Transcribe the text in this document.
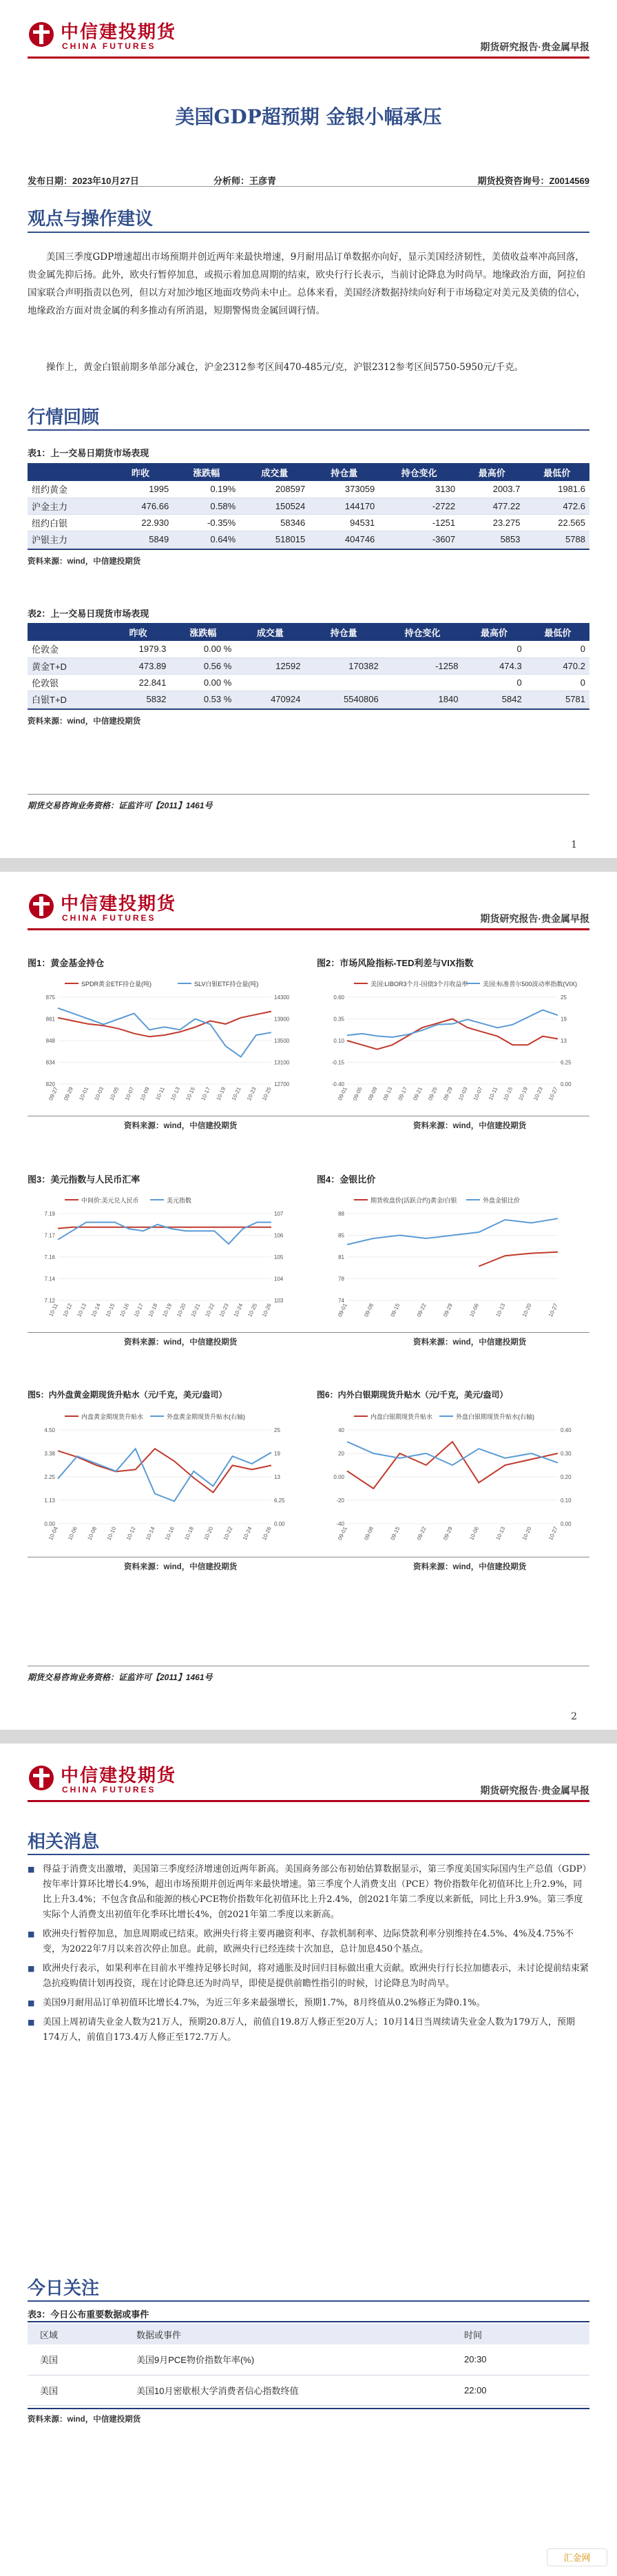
中信建投期货
CHINA FUTURES	期货研究报告·贵金属早报
美国GDP超预期 金银小幅承压
发布日期：2023年10月27日	分析师：王彦青	期货投资咨询号：Z0014569
观点与操作建议
美国三季度GDP增速超出市场预期并创近两年来最快增速，9月耐用品订单数据亦向好，显示美国经济韧性，美债收益率冲高回落，贵金属先抑后扬。此外，欧央行暂停加息，或损示着加息周期的结束，欧央行行长表示，当前讨论降息为时尚早。地缘政治方面，阿拉伯国家联合声明指责以色列，但以方对加沙地区地面攻势尚未中止。总体来看，美国经济数据持续向好利于市场稳定对美元及美债的信心，地缘政治方面对贵金属的利多推动有所消退，短期警惕贵金属回调行情。
操作上，黄金白银前期多单部分减仓，沪金2312参考区间470-485元/克，沪银2312参考区间5750-5950元/千克。
行情回顾
表1：上一交易日期货市场表现
	昨收	涨跌幅	成交量	持仓量	持仓变化	最高价	最低价
纽约黄金	1995	0.19%	208597	373059	3130	2003.7	1981.6
沪金主力	476.66	0.58%	150524	144170	-2722	477.22	472.6
纽约白银	22.930	-0.35%	58346	94531	-1251	23.275	22.565
沪银主力	5849	0.64%	518015	404746	-3607	5853	5788
资料来源：wind，中信建投期货
表2：上一交易日现货市场表现
	昨收	涨跌幅	成交量	持仓量	持仓变化	最高价	最低价
伦敦金	1979.3	0.00 %				0	0
黄金T+D	473.89	0.56 %	12592	170382	-1258	474.3	470.2
伦敦银	22.841	0.00 %				0	0
白银T+D	5832	0.53 %	470924	5540806	1840	5842	5781
资料来源：wind，中信建投期货
期货交易咨询业务资格：证监许可【2011】1461号
1
中信建投期货
CHINA FUTURES	期货研究报告·贵金属早报
图1：黄金基金持仓	图2：市场风险指标-TED利差与VIX指数
SPDR黄金ETF持仓量(吨)	SLV白银ETF持仓量(吨)
820	12700
834	13100
848	13500
861	13900
875	14300
09-27 09-29 10-01 10-03 10-05 10-07 10-09 10-11 10-13 10-15 10-17 10-19 10-21 10-23 10-25
美国:LIBOR3个月-国债3个月收益率 美国:标准普尔500波动率指数(VIX)
-0.40	0.00
-0.15	6.25
0.10	13
0.35	19
0.60	25
09-01 09-05 09-09 09-13 09-17 09-21 09-25 09-29 10-03 10-07 10-11 10-15 10-19 10-23 10-27
资料来源：wind，中信建投期货	资料来源：wind，中信建投期货
图3：美元指数与人民币汇率	图4：金银比价
中间价:美元兑人民币	美元指数
7.12	103
7.14	104
7.16	105
7.17	106
7.19	107
10-11 10-12 10-13 10-14 10-15 10-16 10-17 10-18 10-19 10-20 10-21 10-22 10-23 10-24 10-25 10-26
期货收盘价(活跃合约)黄金/白银	外盘金银比价
74
78
81
85
88
09-01	09-08	09-15	09-22	09-29	10-06	10-13	10-20	10-27
资料来源：wind，中信建投期货	资料来源：wind，中信建投期货
图5：内外盘黄金期现货升贴水（元/千克，美元/盎司）	图6：内外白银期现货升贴水（元/千克，美元/盎司）
内盘黄金期现货升贴水	外盘黄金期现货升贴水(右轴)
0.00	0.00
1.13	6.25
2.25	13
3.38	19
4.50	25
10-04 10-06 10-08 10-10 10-12 10-14 10-16 10-18 10-20 10-22 10-24 10-26
内盘白银期现货升贴水	外盘白银期现货升贴水(右轴)
-40	0.00
-20	0.10
0.00	0.20
20	0.30
40	0.40
09-01	09-08	09-15	09-22	09-29	10-06	10-13	10-20	10-27
资料来源：wind，中信建投期货	资料来源：wind，中信建投期货
期货交易咨询业务资格：证监许可【2011】1461号
2
中信建投期货
CHINA FUTURES	期货研究报告·贵金属早报
相关消息
■ 得益于消费支出激增，美国第三季度经济增速创近两年新高。美国商务部公布初始估算数据显示，第三季度美国实际国内生产总值（GDP）按年率计算环比增长4.9%，超出市场预期并创近两年来最快增速。第三季度个人消费支出（PCE）物价指数年化初值环比上升2.9%，同比上升3.4%；不包含食品和能源的核心PCE物价指数年化初值环比上升2.4%，创2021年第二季度以来新低，同比上升3.9%。第三季度实际个人消费支出初值年化季环比增长4%，创2021年第二季度以来新高。
■ 欧洲央行暂停加息，加息周期或已结束。欧洲央行将主要再融资利率、存款机制利率、边际贷款利率分别维持在4.5%、4%及4.75%不变，为2022年7月以来首次停止加息。此前，欧洲央行已经连续十次加息，总计加息450个基点。
■ 欧洲央行表示，如果利率在目前水平维持足够长时间，将对通胀及时回归目标做出重大贡献。欧洲央行行长拉加德表示，未讨论提前结束紧急抗疫购债计划再投资，现在讨论降息还为时尚早，即使是提供前瞻性指引的时候，讨论降息为时尚早。
■ 美国9月耐用品订单初值环比增长4.7%，为近三年多来最强增长，预期1.7%，8月终值从0.2%修正为降0.1%。
■ 美国上周初请失业金人数为21万人，预期20.8万人，前值自19.8万人修正至20万人；10月14日当周续请失业金人数为179万人，预期174万人，前值自173.4万人修正至172.7万人。
今日关注
表3：今日公布重要数据或事件
区域	数据或事件	时间
美国	美国9月PCE物价指数年率(%)	20:30
美国	美国10月密歇根大学消费者信心指数终值	22:00
资料来源：wind，中信建投期货
汇金网
